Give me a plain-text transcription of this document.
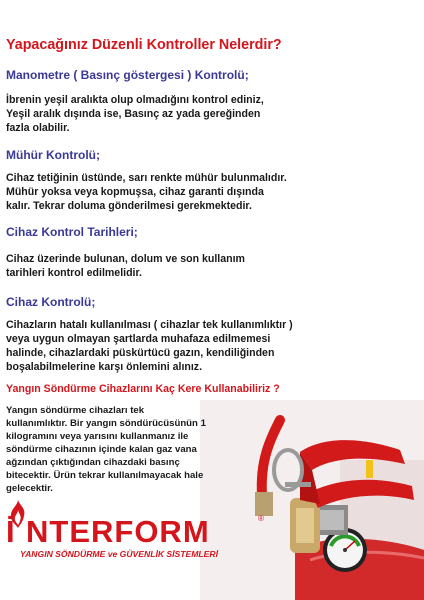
Yapacağınız Düzenli Kontroller Nelerdir?
Manometre ( Basınç göstergesi ) Kontrolü;
İbrenin yeşil aralıkta olup olmadığını kontrol ediniz,
Yeşil aralık dışında ise, Basınç az yada gereğinden
fazla olabilir.
Mühür Kontrolü;
Cihaz tetiğinin üstünde, sarı renkte mühür bulunmalıdır.
Mühür yoksa veya kopmuşsa, cihaz garanti dışında
kalır. Tekrar doluma gönderilmesi gerekmektedir.
Cihaz Kontrol Tarihleri;
Cihaz üzerinde bulunan, dolum ve son kullanım
tarihleri kontrol edilmelidir.
Cihaz Kontrolü;
Cihazların hatalı kullanılması ( cihazlar tek kullanımlıktır )
veya uygun olmayan şartlarda muhafaza edilmemesi
halinde, cihazlardaki püskürtücü gazın, kendiliğinden
boşalabilmelerine karşı önlemini alınız.
Yangın Söndürme Cihazlarını Kaç Kere Kullanabiliriz ?
Yangın söndürme cihazları tek
kullanımlıktır. Bir yangın söndürücüsünün 1
kilogramını veya yarısını kullanmanız ile
söndürme cihazının içinde kalan gaz vana
ağzından çıktığından cihazdaki basınç
bitecektir. Ürün tekrar kullanılmayacak hale
gelecektir.
İ NTERFORM	®
YANGIN SÖNDÜRME ve GÜVENLİK SİSTEMLERİ
